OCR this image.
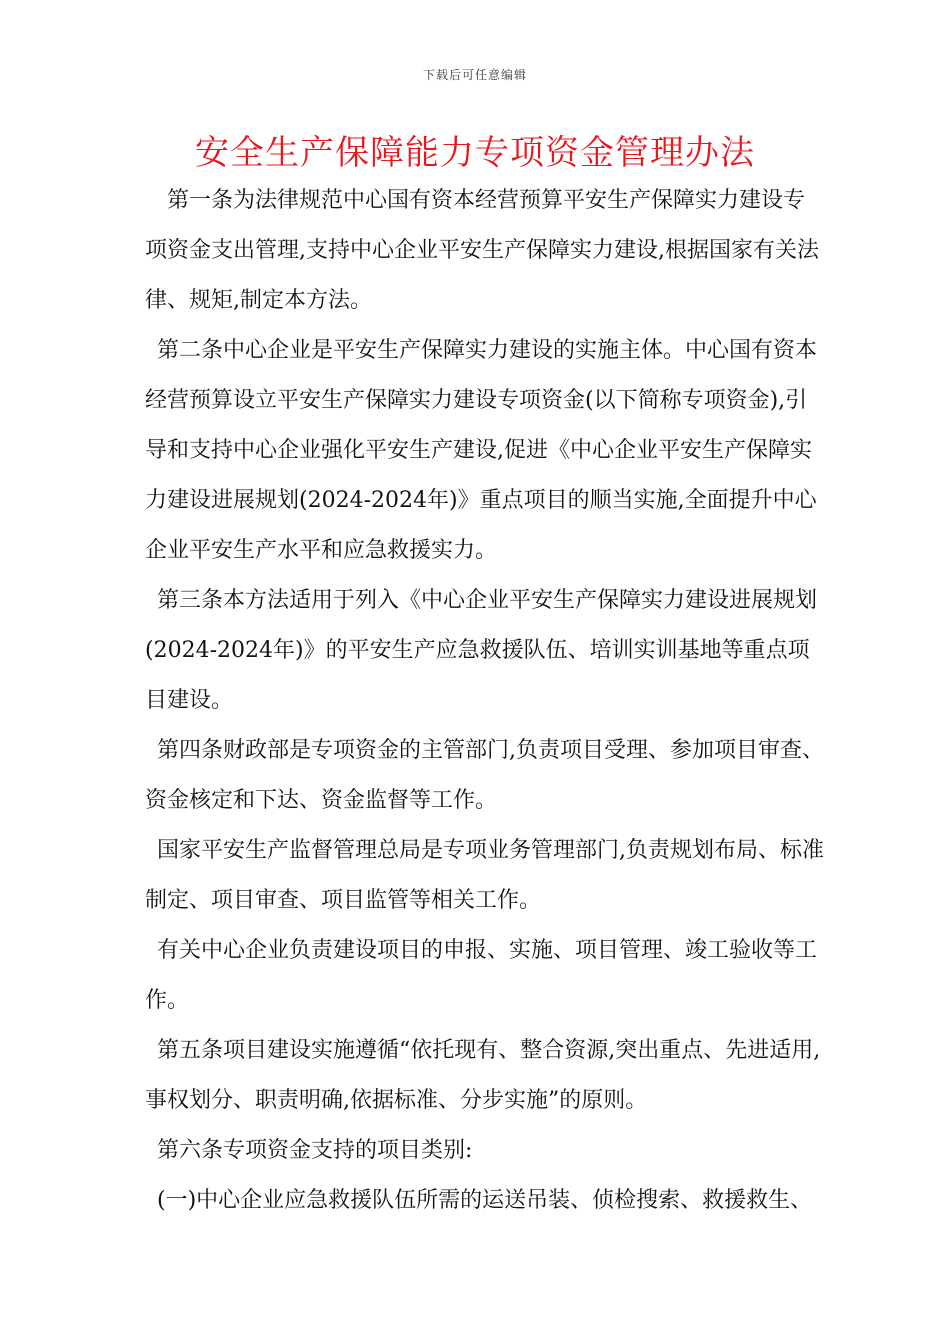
下载后可任意编辑
安全生产保障能力专项资金管理办法

第一条为法律规范中心国有资本经营预算平安生产保障实力建设专项资金支出管理,支持中心企业平安生产保障实力建设,根据国家有关法律、规矩,制定本方法。

第二条中心企业是平安生产保障实力建设的实施主体。中心国有资本经营预算设立平安生产保障实力建设专项资金(以下简称专项资金),引导和支持中心企业强化平安生产建设,促进《中心企业平安生产保障实力建设进展规划(2024-2024年)》重点项目的顺当实施,全面提升中心企业平安生产水平和应急救援实力。

第三条本方法适用于列入《中心企业平安生产保障实力建设进展规划(2024-2024年)》的平安生产应急救援队伍、培训实训基地等重点项目建设。

第四条财政部是专项资金的主管部门,负责项目受理、参加项目审查、资金核定和下达、资金监督等工作。

国家平安生产监督管理总局是专项业务管理部门,负责规划布局、标准制定、项目审查、项目监管等相关工作。

有关中心企业负责建设项目的申报、实施、项目管理、竣工验收等工作。

第五条项目建设实施遵循“依托现有、整合资源,突出重点、先进适用,事权划分、职责明确,依据标准、分步实施”的原则。

第六条专项资金支持的项目类别:

(一)中心企业应急救援队伍所需的运送吊装、侦检搜索、救援救生、
